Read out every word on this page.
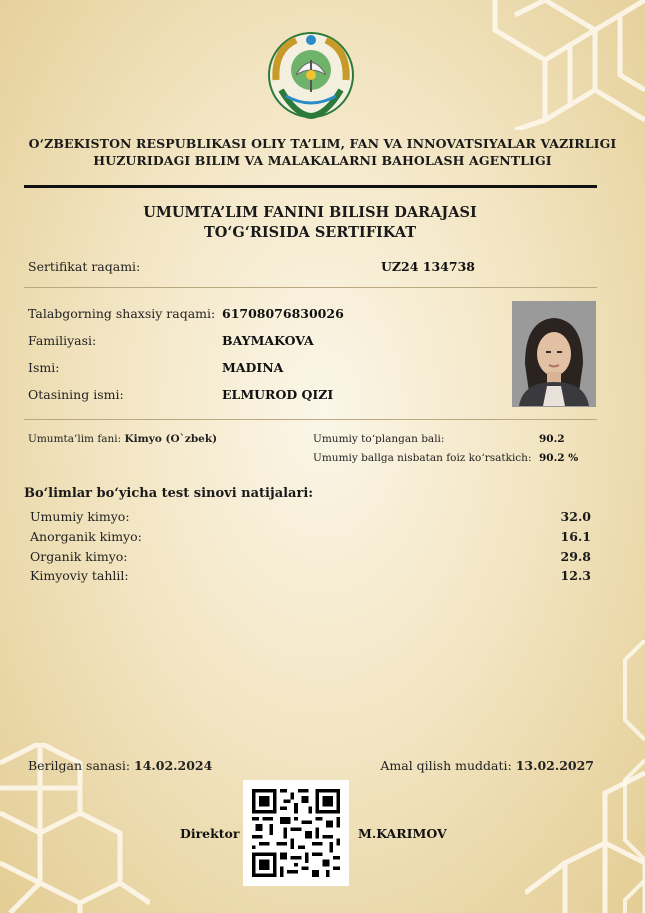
O‘ZBEKISTON RESPUBLIKASI OLIY TA’LIM, FAN VA INNOVATSIYALAR VAZIRLIGI
HUZURIDAGI BILIM VA MALAKALARNI BAHOLASH AGENTLIGI
UMUMTA’LIM FANINI BILISH DARAJASI
TO‘G‘RISIDA SERTIFIKAT
Sertifikat raqami:	UZ24 134738
Talabgorning shaxsiy raqami: 61708076830026
Familiyasi:	BAYMAKOVA
Ismi:	MADINA
Otasining ismi:	ELMUROD QIZI
Umumta’lim fani: Kimyo (O`zbek)	Umumiy to‘plangan bali:	90.2
Umumiy ballga nisbatan foiz ko‘rsatkich: 90.2 %
Bo‘limlar bo‘yicha test sinovi natijalari:
Umumiy kimyo:	32.0
Anorganik kimyo:	16.1
Organik kimyo:	29.8
Kimyoviy tahlil:	12.3
Berilgan sanasi: 14.02.2024	Amal qilish muddati: 13.02.2027
Direktor	M.KARIMOV
